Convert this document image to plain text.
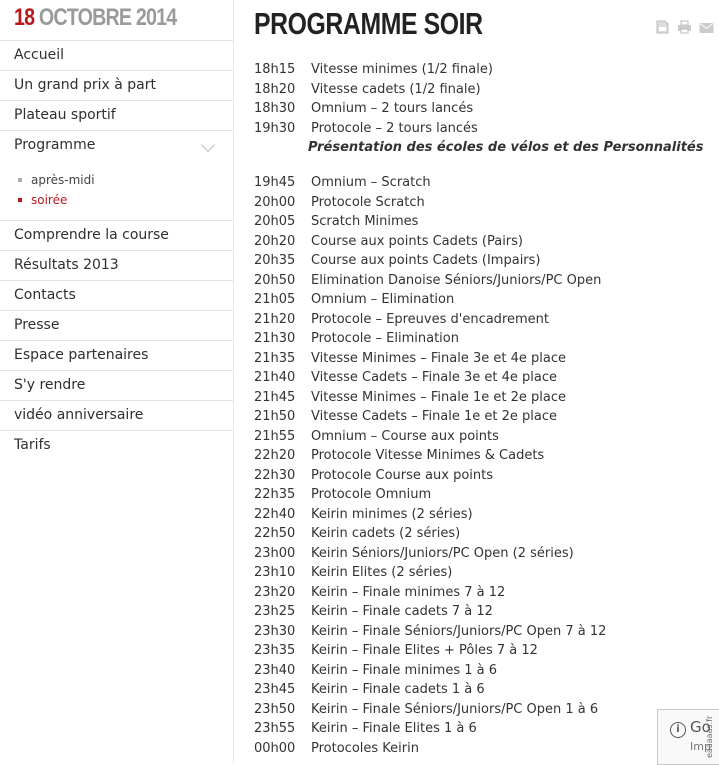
18 OCTOBRE 2014
Accueil
Un grand prix à part
Plateau sportif
Programme
après-midi
soirée
Comprendre la course
Résultats 2013
Contacts
Presse
Espace partenaires
S'y rendre
vidéo anniversaire
Tarifs
PROGRAMME SOIR
18h15 Vitesse minimes (1/2 finale)
18h20 Vitesse cadets (1/2 finale)
18h30 Omnium – 2 tours lancés
19h30 Protocole – 2 tours lancés
Présentation des écoles de vélos et des Personnalités
19h45 Omnium – Scratch
20h00 Protocole Scratch
20h05 Scratch Minimes
20h20 Course aux points Cadets (Pairs)
20h35 Course aux points Cadets (Impairs)
20h50 Elimination Danoise Séniors/Juniors/PC Open
21h05 Omnium – Elimination
21h20 Protocole – Epreuves d'encadrement
21h30 Protocole – Elimination
21h35 Vitesse Minimes – Finale 3e et 4e place
21h40 Vitesse Cadets – Finale 3e et 4e place
21h45 Vitesse Minimes – Finale 1e et 2e place
21h50 Vitesse Cadets – Finale 1e et 2e place
21h55 Omnium – Course aux points
22h20 Protocole Vitesse Minimes & Cadets
22h30 Protocole Course aux points
22h35 Protocole Omnium
22h40 Keirin minimes (2 séries)
22h50 Keirin cadets (2 séries)
23h00 Keirin Séniors/Juniors/PC Open (2 séries)
23h10 Keirin Elites (2 séries)
23h20 Keirin – Finale minimes 7 à 12
23h25 Keirin – Finale cadets 7 à 12
23h30 Keirin – Finale Séniors/Juniors/PC Open 7 à 12
23h35 Keirin – Finale Elites + Pôles 7 à 12
23h40 Keirin – Finale minimes 1 à 6
23h45 Keirin – Finale cadets 1 à 6
23h50 Keirin – Finale Séniors/Juniors/PC Open 1 à 6
23h55 Keirin – Finale Elites 1 à 6
00h00 Protocoles Keirin
i Go
Imp
eaaaaas.fr
